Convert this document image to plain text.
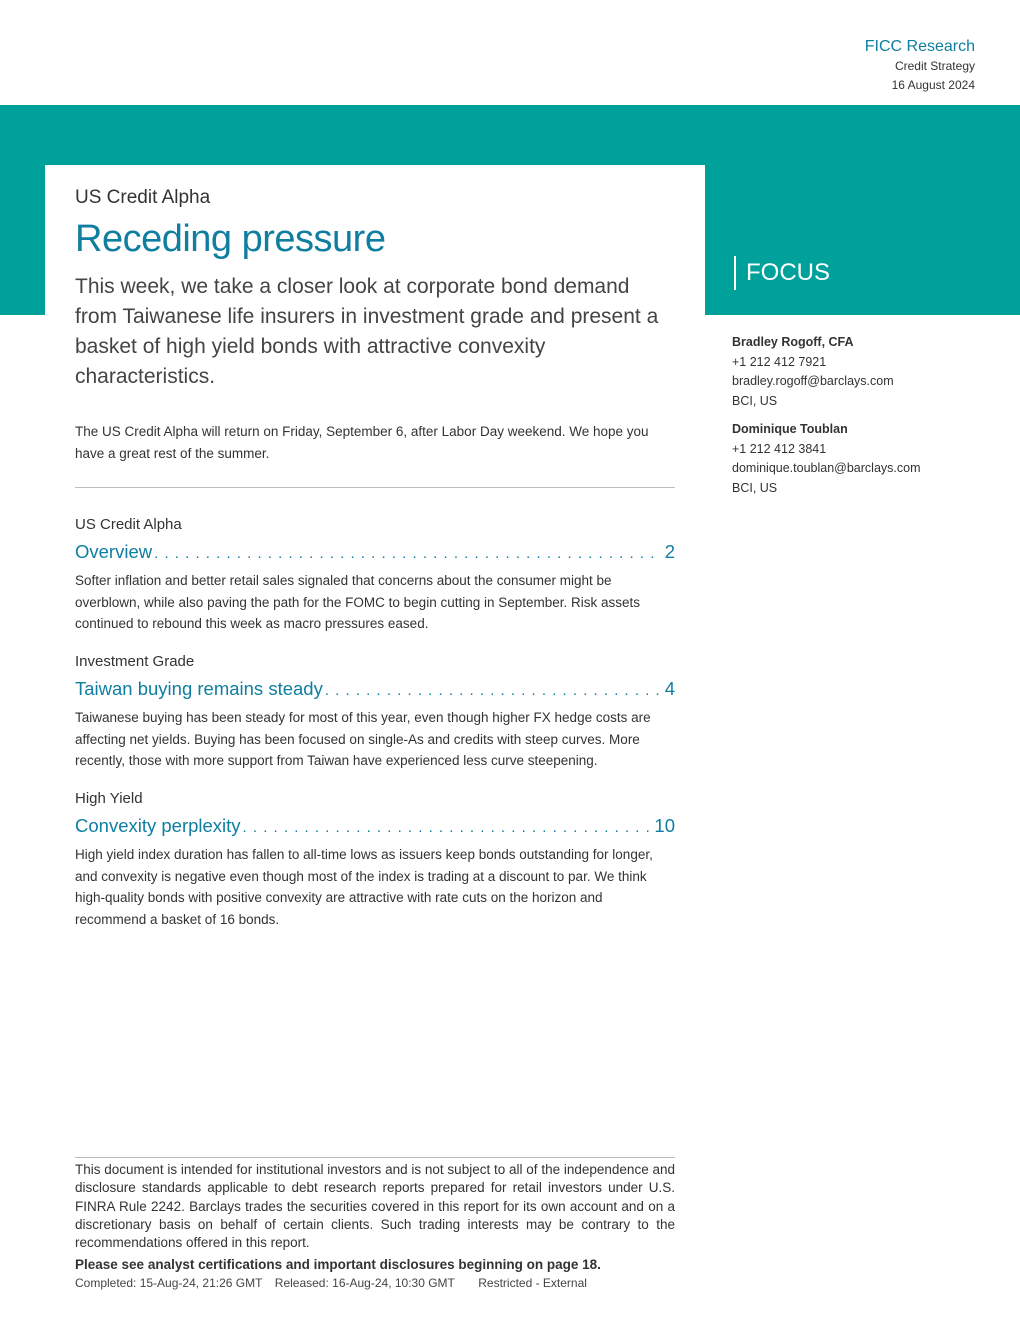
FICC Research
Credit Strategy
16 August 2024
US Credit Alpha
Receding pressure

This week, we take a closer look at corporate bond demand from Taiwanese life insurers in investment grade and present a basket of high yield bonds with attractive convexity characteristics.

The US Credit Alpha will return on Friday, September 6, after Labor Day weekend. We hope you have a great rest of the summer.

US Credit Alpha
Overview . . .	2

Softer inflation and better retail sales signaled that concerns about the consumer might be overblown, while also paving the path for the FOMC to begin cutting in September. Risk assets continued to rebound this week as macro pressures eased.

Investment Grade
Taiwan buying remains steady . . .	4

Taiwanese buying has been steady for most of this year, even though higher FX hedge costs are affecting net yields. Buying has been focused on single-As and credits with steep curves. More recently, those with more support from Taiwan have experienced less curve steepening.

High Yield
Convexity perplexity . . .	10

High yield index duration has fallen to all-time lows as issuers keep bonds outstanding for longer, and convexity is negative even though most of the index is trading at a discount to par. We think high-quality bonds with positive convexity are attractive with rate cuts on the horizon and recommend a basket of 16 bonds.

FOCUS
Bradley Rogoff, CFA
+1 212 412 7921
bradley.rogoff@barclays.com
BCI, US
Dominique Toublan
+1 212 412 3841
dominique.toublan@barclays.com
BCI, US

This document is intended for institutional investors and is not subject to all of the independence and disclosure standards applicable to debt research reports prepared for retail investors under U.S. FINRA Rule 2242. Barclays trades the securities covered in this report for its own account and on a discretionary basis on behalf of certain clients. Such trading interests may be contrary to the recommendations offered in this report.

Please see analyst certifications and important disclosures beginning on page 18.
Completed: 15-Aug-24, 21:26 GMT Released: 16-Aug-24, 10:30 GMT Restricted - External
